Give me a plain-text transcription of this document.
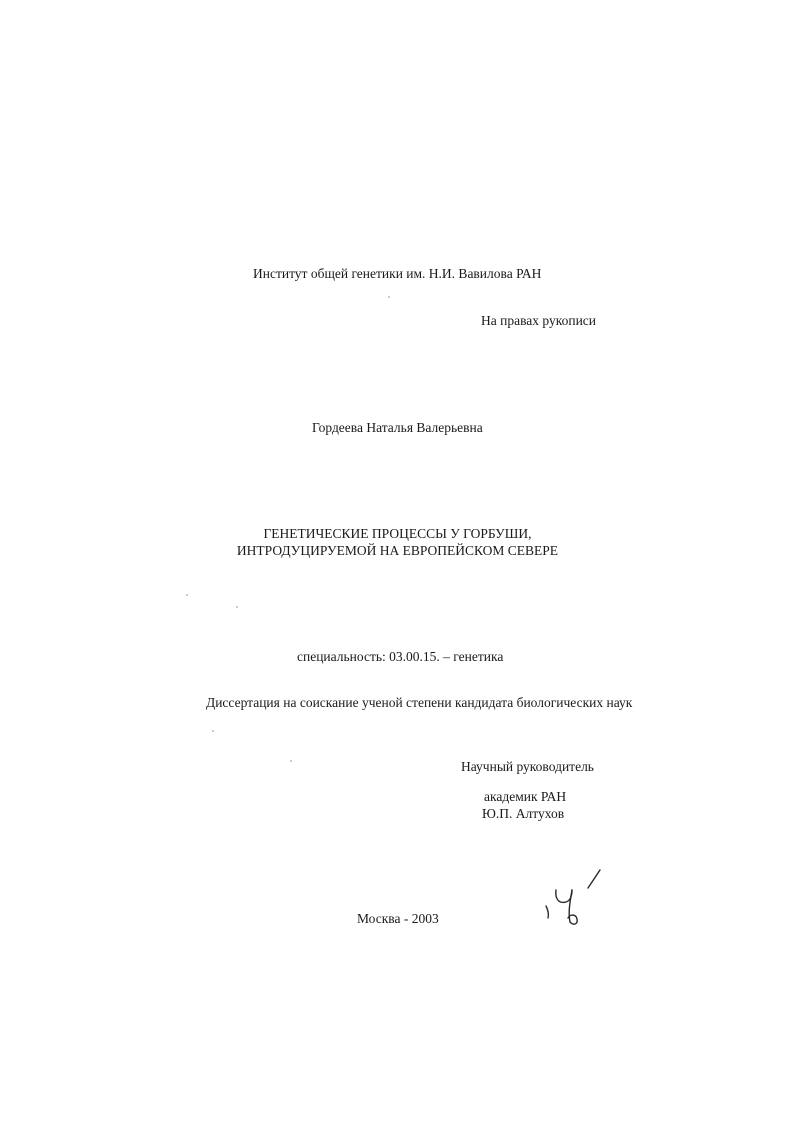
Институт общей генетики им. Н.И. Вавилова РАН
На правах рукописи
Гордеева Наталья Валерьевна
ГЕНЕТИЧЕСКИЕ ПРОЦЕССЫ У ГОРБУШИ,
ИНТРОДУЦИРУЕМОЙ НА ЕВРОПЕЙСКОМ СЕВЕРЕ
специальность: 03.00.15. – генетика
Диссертация на соискание ученой степени кандидата биологических наук
Научный руководитель
академик РАН
Ю.П. Алтухов
Москва - 2003
